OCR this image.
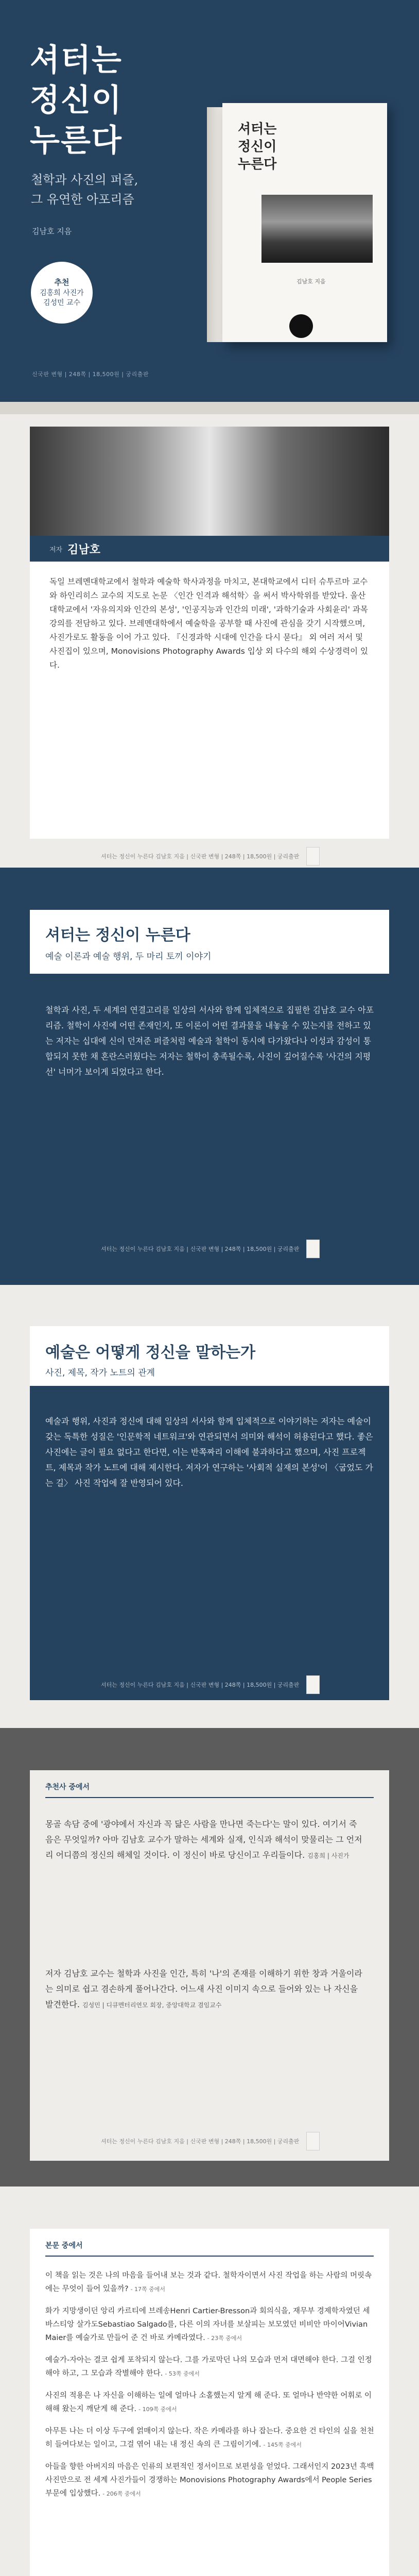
셔터는
정신이
누른다
철학과 사진의 퍼즐,
그 유연한 아포리즘
김남호 지음
추천
김홍희 사진가
김성민 교수
신국판 변형 | 248쪽 | 18,500원 | 궁리출판
셔터는
정신이
누른다
김남호 지음
저자 김남호

독일 브레멘대학교에서 철학과 예술학 학사과정을 마치고, 본대학교에서 디터 슈투르마 교수와 하인리히스 교수의 지도로 논문 〈인간 인격과 해석학〉을 써서 박사학위를 받았다. 울산대학교에서 '자유의지와 인간의 본성', '인공지능과 인간의 미래', '과학기술과 사회윤리' 과목 강의를 전담하고 있다. 브레멘대학에서 예술학을 공부할 때 사진에 관심을 갖기 시작했으며, 사진가로도 활동을 이어 가고 있다. 『신경과학 시대에 인간을 다시 묻다』 외 여러 저서 및 사진집이 있으며, Monovisions Photography Awards 입상 외 다수의 해외 수상경력이 있다.

셔터는 정신이 누른다 김남호 지음 | 신국판 변형 | 248쪽 | 18,500원 | 궁리출판
셔터는 정신이 누른다
예술 이론과 예술 행위, 두 마리 토끼 이야기

철학과 사진, 두 세계의 연결고리를 일상의 서사와 함께 입체적으로 집필한 김남호 교수 아포리즘. 철학이 사진에 어떤 존재인지, 또 이론이 어떤 결과물을 내놓을 수 있는지를 전하고 있는 저자는 십대에 신이 던져준 퍼즐처럼 예술과 철학이 동시에 다가왔다나 이성과 감성이 통합되지 못한 채 혼란스러웠다는 저자는 철학이 총족될수록, 사진이 깊어질수록 '사건의 지평선' 너머가 보이게 되었다고 한다.

셔터는 정신이 누른다 김남호 지음 | 신국판 변형 | 248쪽 | 18,500원 | 궁리출판
예술은 어떻게 정신을 말하는가
사진, 제목, 작가 노트의 관계

예술과 행위, 사진과 정신에 대해 일상의 서사와 함께 입체적으로 이야기하는 저자는 예술이 갖는 독특한 성질은 '인문학적 네트워크'와 연관되면서 의미와 해석이 허용된다고 했다. 좋은 사진에는 글이 필요 없다고 한다면, 이는 반쪽짜리 이해에 불과하다고 했으며, 사진 프로젝트, 제목과 작가 노트에 대해 제시한다. 저자가 연구하는 '사회적 실재의 본성'이 〈굽었도 가는 길〉 사진 작업에 잘 반영되어 있다.

셔터는 정신이 누른다 김남호 지음 | 신국판 변형 | 248쪽 | 18,500원 | 궁리출판
추천사 중에서
몽골 속담 중에 '광야에서 자신과 꼭 닮은 사람을 만나면 죽는다'는 말이 있다. 여기서 죽음은 무엇일까? 아마 김남호 교수가 말하는 세계와 실재, 인식과 해석이 맞물리는 그 언저리 어디쯤의 정신의 해체일 것이다. 이 정신이 바로 당신이고 우리들이다. 김홍희 | 사진가
저자 김남호 교수는 철학과 사진을 인간, 특히 '나'의 존재를 이해하기 위한 창과 거울이라는 의미로 쉽고 겸손하게 풀어나간다. 어느새 사진 이미지 속으로 들어와 있는 나 자신을 발견한다. 김성민 | 디큐멘터리연모 회장, 중앙대학교 겸임교수
셔터는 정신이 누른다 김남호 지음 | 신국판 변형 | 248쪽 | 18,500원 | 궁리출판
본문 중에서

이 책을 읽는 것은 나의 마음을 들어내 보는 것과 같다. 철학자이면서 사진 작업을 하는 사람의 머릿속에는 무엇이 들어 있을까? - 17쪽 중에서

화가 지망생이던 앙리 카르티에 브레송Henri Cartier-Bresson과 회의식을, 재무부 경제학자였던 세바스티앙 살가도Sebastiao Salgado를, 다른 이의 자녀를 보살피는 보모였던 비비안 마이어Vivian Maier를 예술가로 만들어 준 건 바로 카메라였다. - 23쪽 중에서

예술가-자아는 결코 쉽게 포착되지 않는다. 그를 가로막던 나의 모습과 먼저 대면해야 한다. 그걸 인정해야 하고, 그 모습과 작별해야 한다. - 53쪽 중에서

사진의 적용은 나 자신을 이해하는 일에 얼마나 소홀했는지 알게 해 준다. 또 얼마나 반약한 어휘로 이해해 왔는지 깨닫게 해 준다. - 109쪽 중에서

아무튼 나는 더 이상 두구에 얽매이지 않는다. 작은 카메라를 하나 잡는다. 중요한 건 타인의 실을 천천히 들여다보는 일이고, 그걸 엮어 내는 내 정신 속의 큰 그림이기에. - 145쪽 중에서

아들을 향한 아버지의 마음은 인류의 보편적인 정서이므로 보편성을 얻었다. 그래서인지 2023년 흑백사진만으로 전 세계 사진가들이 경쟁하는 Monovisions Photography Awards에서 People Series 부문에 입상했다. - 206쪽 중에서
